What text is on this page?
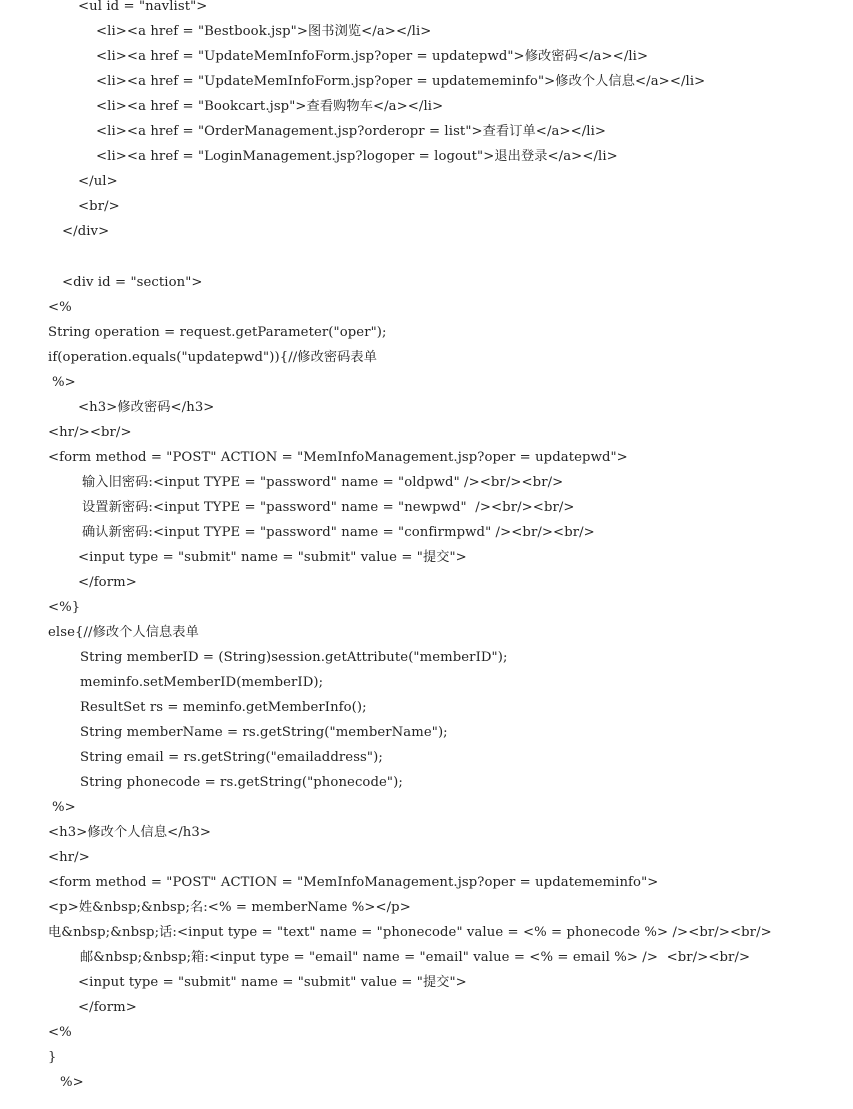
<ul id = "navlist">
<li><a href = "Bestbook.jsp">图书浏览</a></li>
<li><a href = "UpdateMemInfoForm.jsp?oper = updatepwd">修改密码</a></li>
<li><a href = "UpdateMemInfoForm.jsp?oper = updatememinfo">修改个人信息</a></li>
<li><a href = "Bookcart.jsp">查看购物车</a></li>
<li><a href = "OrderManagement.jsp?orderopr = list">查看订单</a></li>
<li><a href = "LoginManagement.jsp?logoper = logout">退出登录</a></li>
</ul>
<br/>
</div>
<div id = "section">
<%
String operation = request.getParameter("oper");
if(operation.equals("updatepwd")){//修改密码表单
%>
<h3>修改密码</h3>
<hr/><br/>
<form method = "POST" ACTION = "MemInfoManagement.jsp?oper = updatepwd">
输入旧密码:<input TYPE = "password" name = "oldpwd" /><br/><br/>
设置新密码:<input TYPE = "password" name = "newpwd"  /><br/><br/>
确认新密码:<input TYPE = "password" name = "confirmpwd" /><br/><br/>
<input type = "submit" name = "submit" value = "提交">
</form>
<%}
else{//修改个人信息表单
String memberID = (String)session.getAttribute("memberID");
meminfo.setMemberID(memberID);
ResultSet rs = meminfo.getMemberInfo();
String memberName = rs.getString("memberName");
String email = rs.getString("emailaddress");
String phonecode = rs.getString("phonecode");
%>
<h3>修改个人信息</h3>
<hr/>
<form method = "POST" ACTION = "MemInfoManagement.jsp?oper = updatememinfo">
<p>姓&nbsp;&nbsp;名:<% = memberName %></p>
电&nbsp;&nbsp;话:<input type = "text" name = "phonecode" value = <% = phonecode %> /><br/><br/>
邮&nbsp;&nbsp;箱:<input type = "email" name = "email" value = <% = email %> />  <br/><br/>
<input type = "submit" name = "submit" value = "提交">
</form>
<%
}
%>
